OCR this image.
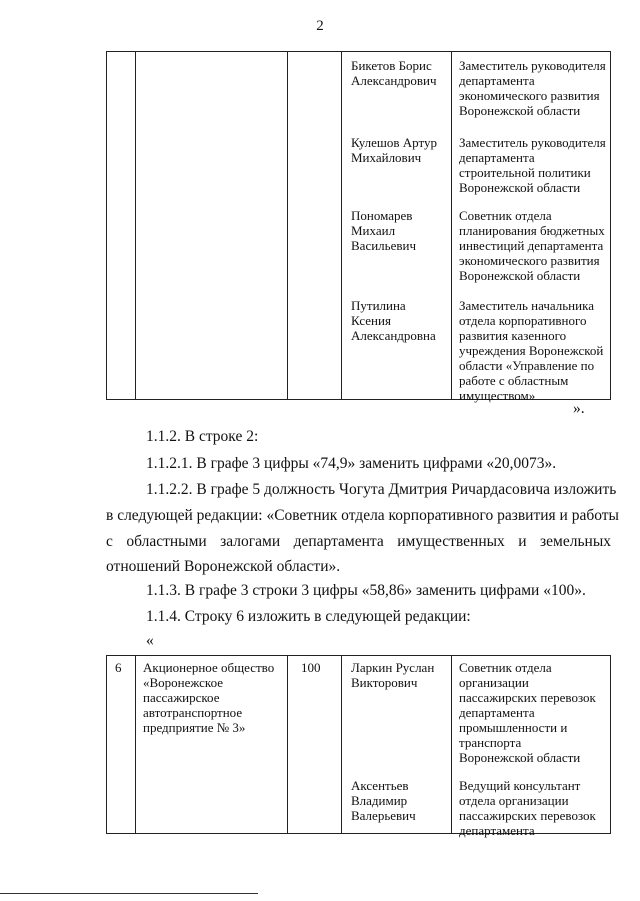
2
Бикетов Борис
Александрович
Заместитель руководителя
департамента
экономического развития
Воронежской области
Кулешов Артур
Михайлович
Заместитель руководителя
департамента
строительной политики
Воронежской области
Пономарев
Михаил
Васильевич
Советник отдела
планирования бюджетных
инвестиций департамента
экономического развития
Воронежской области
Путилина
Ксения
Александровна
Заместитель начальника
отдела корпоративного
развития казенного
учреждения Воронежской
области «Управление по
работе с областным
имуществом»
».
1.1.2. В строке 2:
1.1.2.1. В графе 3 цифры «74,9» заменить цифрами «20,0073».
1.1.2.2. В графе 5 должность Чогута Дмитрия Ричардасовича изложить
в следующей редакции: «Советник отдела корпоративного развития и работы
с областными залогами департамента имущественных и земельных
отношений Воронежской области».
1.1.3. В графе 3 строки 3 цифры «58,86» заменить цифрами «100».
1.1.4. Строку 6 изложить в следующей редакции:
«
6 Акционерное общество
«Воронежское
пассажирское
автотранспортное
предприятие № 3»
100 Ларкин Руслан
Викторович
Советник отдела
организации
пассажирских перевозок
департамента
промышленности и
транспорта
Воронежской области
Аксентьев
Владимир
Валерьевич
Ведущий консультант
отдела организации
пассажирских перевозок
департамента
